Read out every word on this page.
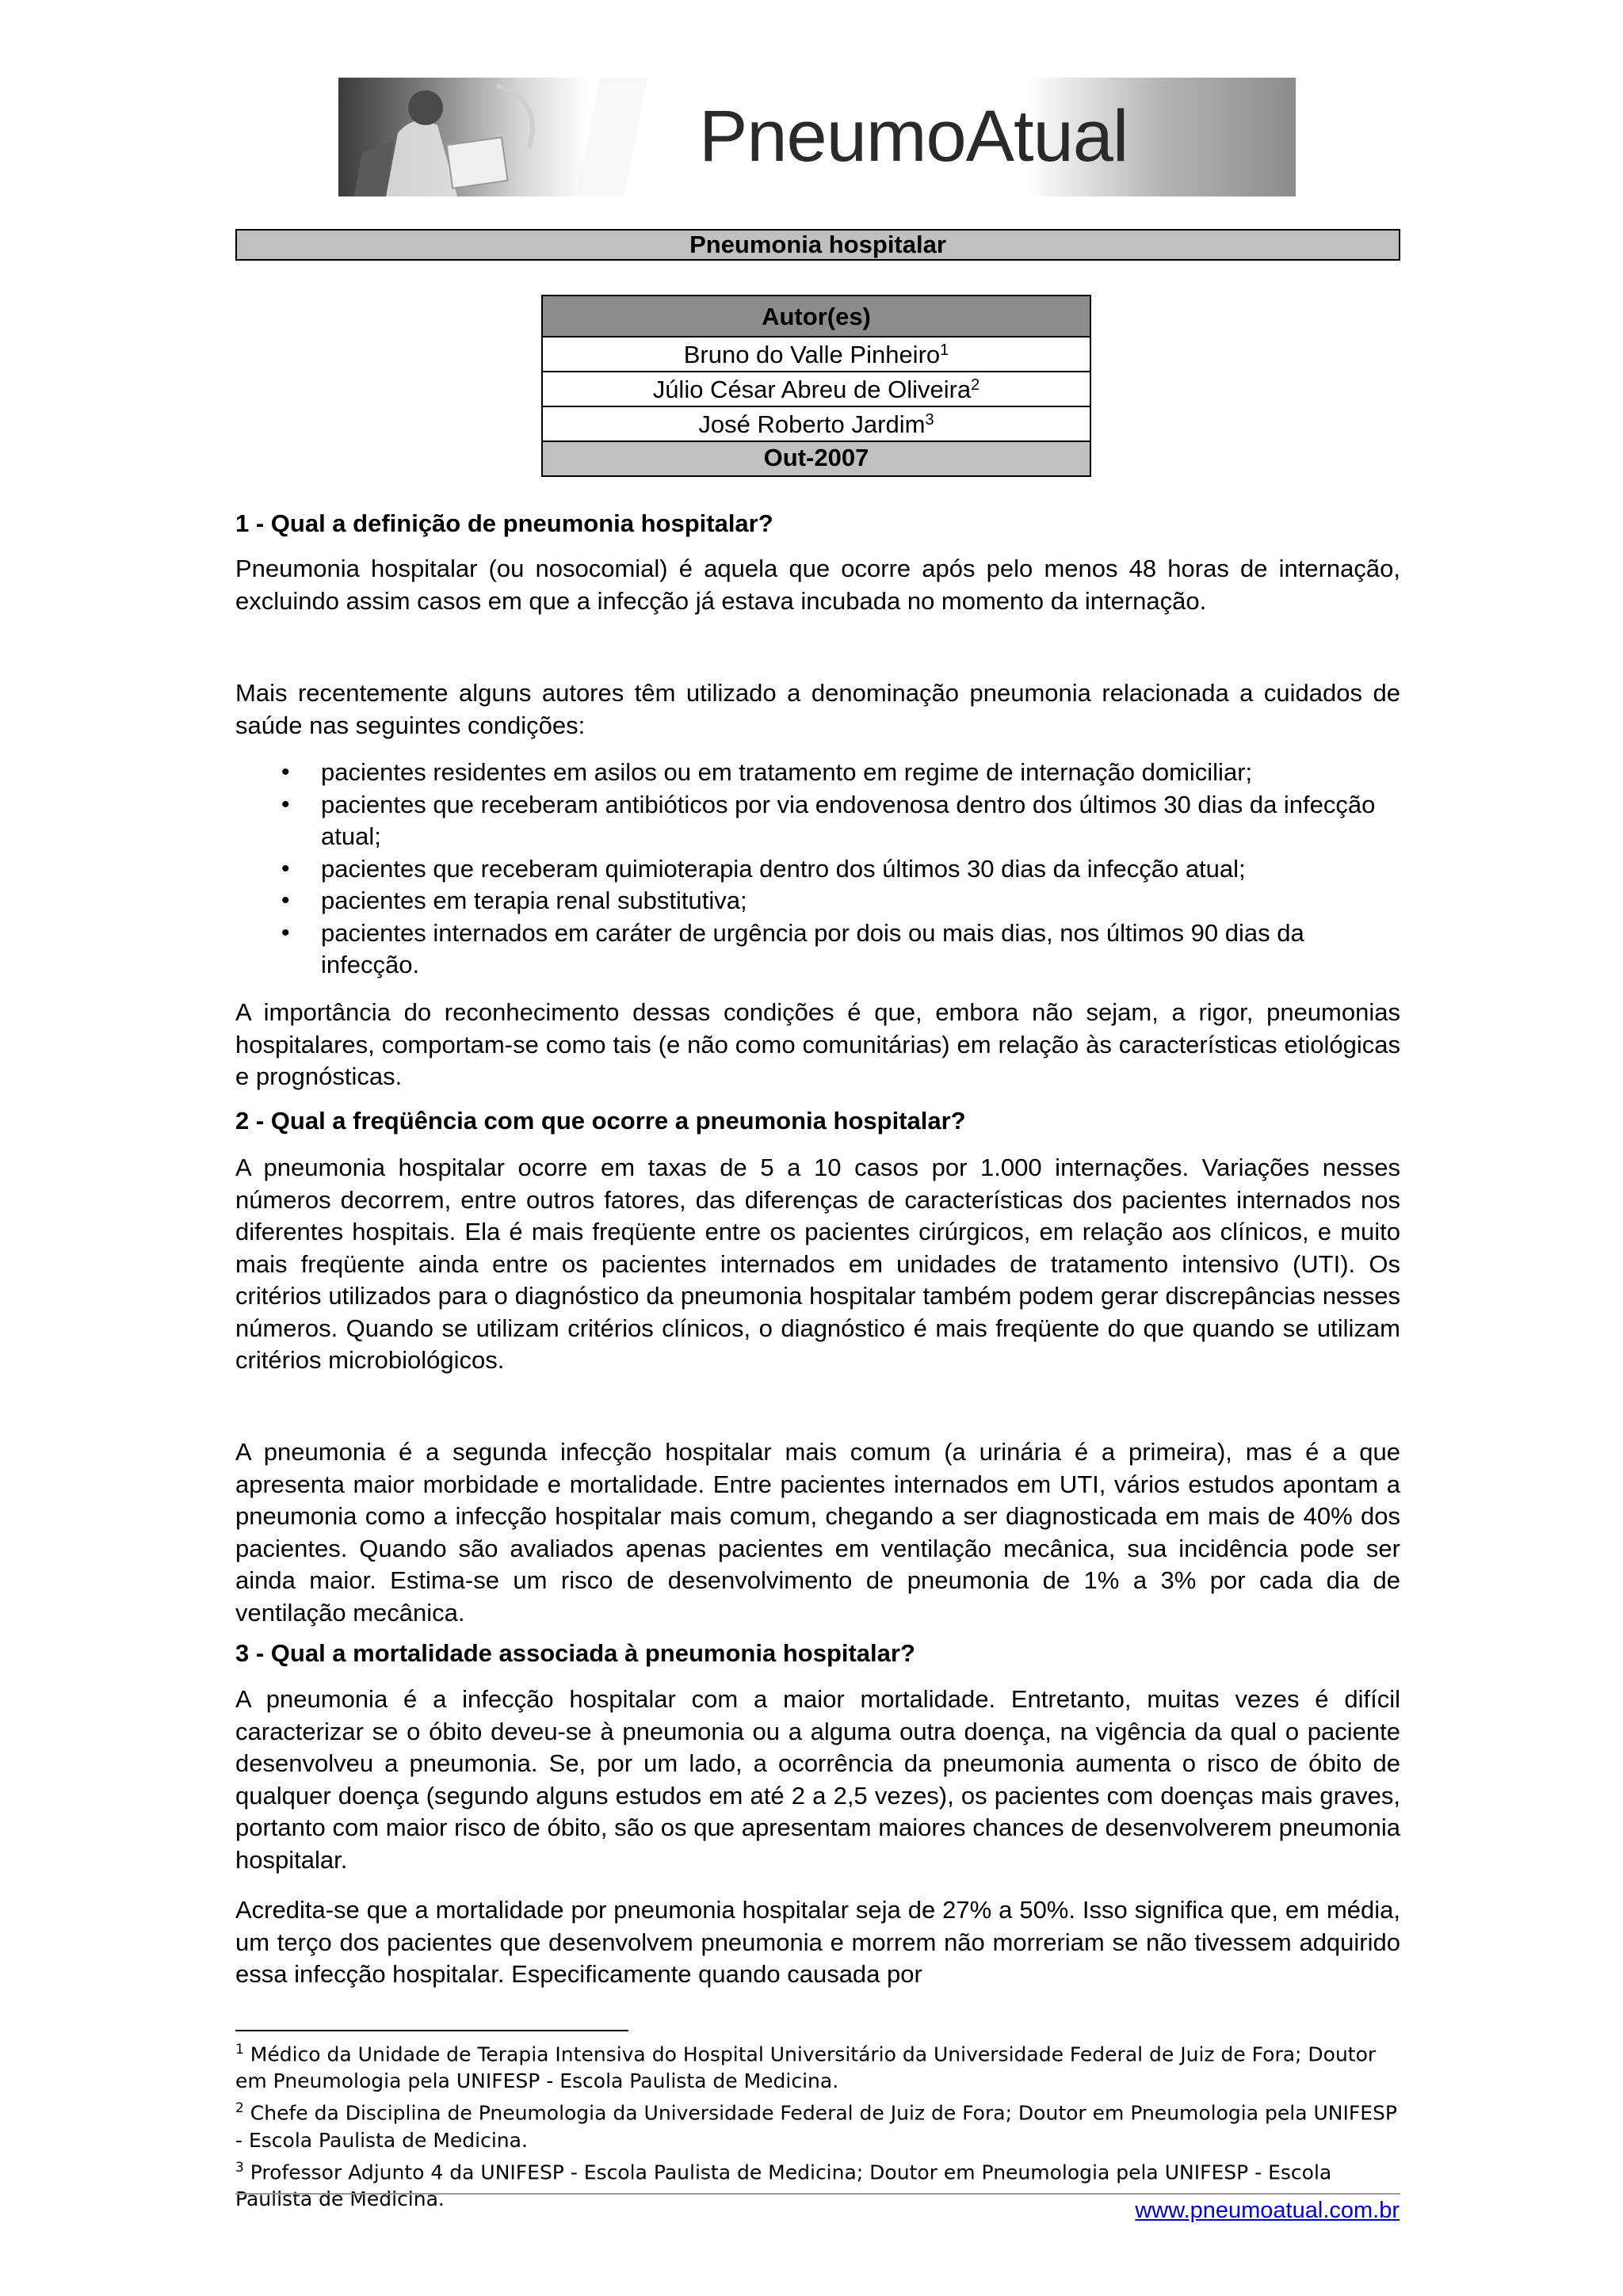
PneumoAtual
Pneumonia hospitalar
Autor(es)
Bruno do Valle Pinheiro$^1$
Júlio César Abreu de Oliveira$^2$
José Roberto Jardim$^3$
Out-2007
1 - Qual a definição de pneumonia hospitalar?
Pneumonia hospitalar (ou nosocomial) é aquela que ocorre após pelo menos 48 horas de internação, excluindo assim casos em que a infecção já estava incubada no momento da internação.
Mais recentemente alguns autores têm utilizado a denominação pneumonia relacionada a cuidados de saúde nas seguintes condições:
• pacientes residentes em asilos ou em tratamento em regime de internação domiciliar;
• pacientes que receberam antibióticos por via endovenosa dentro dos últimos 30 dias da infecção atual;
• pacientes que receberam quimioterapia dentro dos últimos 30 dias da infecção atual;
• pacientes em terapia renal substitutiva;
• pacientes internados em caráter de urgência por dois ou mais dias, nos últimos 90 dias da infecção.
A importância do reconhecimento dessas condições é que, embora não sejam, a rigor, pneumonias hospitalares, comportam-se como tais (e não como comunitárias) em relação às características etiológicas e prognósticas.
2 - Qual a freqüência com que ocorre a pneumonia hospitalar?
A pneumonia hospitalar ocorre em taxas de 5 a 10 casos por 1.000 internações. Variações nesses números decorrem, entre outros fatores, das diferenças de características dos pacientes internados nos diferentes hospitais. Ela é mais freqüente entre os pacientes cirúrgicos, em relação aos clínicos, e muito mais freqüente ainda entre os pacientes internados em unidades de tratamento intensivo (UTI). Os critérios utilizados para o diagnóstico da pneumonia hospitalar também podem gerar discrepâncias nesses números. Quando se utilizam critérios clínicos, o diagnóstico é mais freqüente do que quando se utilizam critérios microbiológicos.
A pneumonia é a segunda infecção hospitalar mais comum (a urinária é a primeira), mas é a que apresenta maior morbidade e mortalidade. Entre pacientes internados em UTI, vários estudos apontam a pneumonia como a infecção hospitalar mais comum, chegando a ser diagnosticada em mais de 40% dos pacientes. Quando são avaliados apenas pacientes em ventilação mecânica, sua incidência pode ser ainda maior. Estima-se um risco de desenvolvimento de pneumonia de 1% a 3% por cada dia de ventilação mecânica.
3 - Qual a mortalidade associada à pneumonia hospitalar?
A pneumonia é a infecção hospitalar com a maior mortalidade. Entretanto, muitas vezes é difícil caracterizar se o óbito deveu-se à pneumonia ou a alguma outra doença, na vigência da qual o paciente desenvolveu a pneumonia. Se, por um lado, a ocorrência da pneumonia aumenta o risco de óbito de qualquer doença (segundo alguns estudos em até 2 a 2,5 vezes), os pacientes com doenças mais graves, portanto com maior risco de óbito, são os que apresentam maiores chances de desenvolverem pneumonia hospitalar.
Acredita-se que a mortalidade por pneumonia hospitalar seja de 27% a 50%. Isso significa que, em média, um terço dos pacientes que desenvolvem pneumonia e morrem não morreriam se não tivessem adquirido essa infecção hospitalar. Especificamente quando causada por
$^1$ Médico da Unidade de Terapia Intensiva do Hospital Universitário da Universidade Federal de Juiz de Fora; Doutor em Pneumologia pela UNIFESP - Escola Paulista de Medicina.
$^2$ Chefe da Disciplina de Pneumologia da Universidade Federal de Juiz de Fora; Doutor em Pneumologia pela UNIFESP - Escola Paulista de Medicina.
$^3$ Professor Adjunto 4 da UNIFESP - Escola Paulista de Medicina; Doutor em Pneumologia pela UNIFESP - Escola Paulista de Medicina.	www.pneumoatual.com.br
